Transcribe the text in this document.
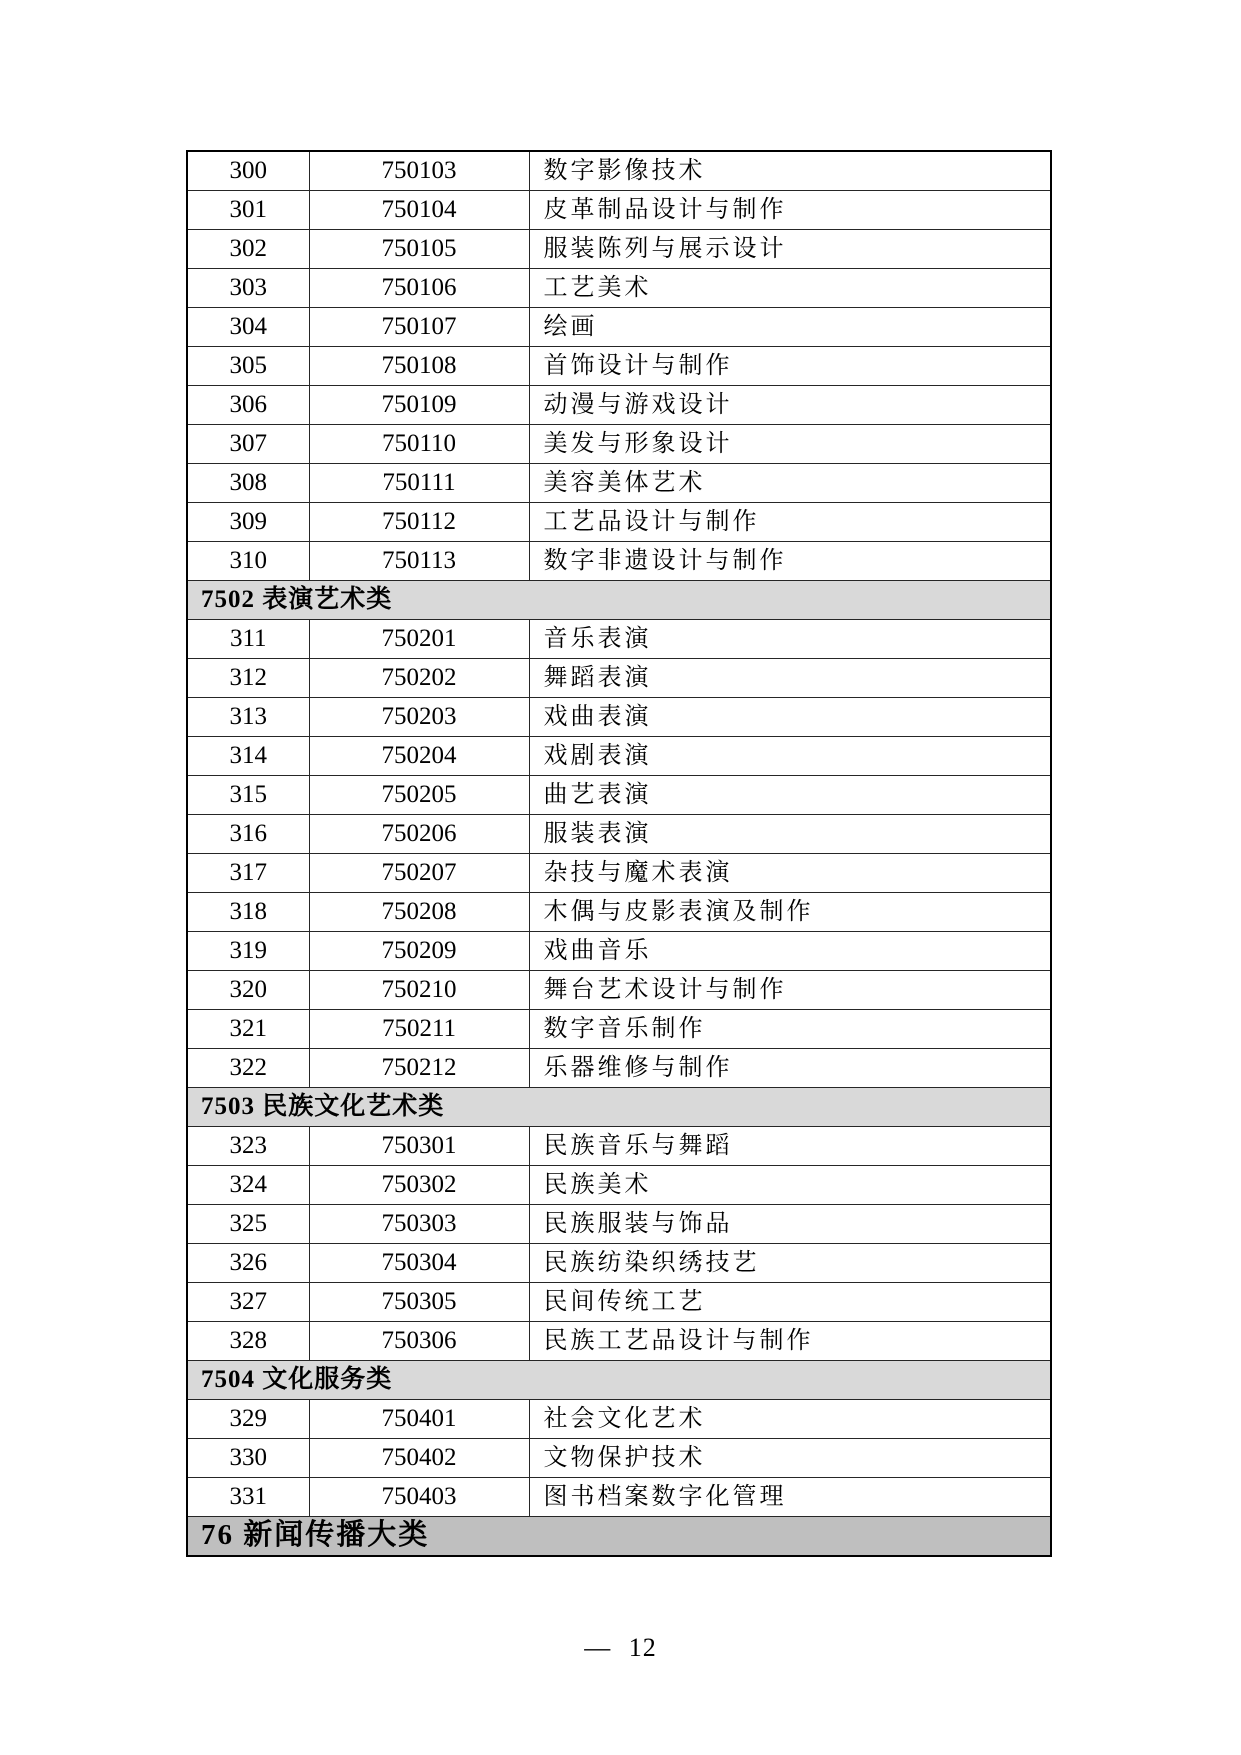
300	750103	数字影像技术
301	750104	皮革制品设计与制作
302	750105	服装陈列与展示设计
303	750106	工艺美术
304	750107	绘画
305	750108	首饰设计与制作
306	750109	动漫与游戏设计
307	750110	美发与形象设计
308	750111	美容美体艺术
309	750112	工艺品设计与制作
310	750113	数字非遗设计与制作
7502 表演艺术类		
311	750201	音乐表演
312	750202	舞蹈表演
313	750203	戏曲表演
314	750204	戏剧表演
315	750205	曲艺表演
316	750206	服装表演
317	750207	杂技与魔术表演
318	750208	木偶与皮影表演及制作
319	750209	戏曲音乐
320	750210	舞台艺术设计与制作
321	750211	数字音乐制作
322	750212	乐器维修与制作
7503 民族文化艺术类		
323	750301	民族音乐与舞蹈
324	750302	民族美术
325	750303	民族服装与饰品
326	750304	民族纺染织绣技艺
327	750305	民间传统工艺
328	750306	民族工艺品设计与制作
7504 文化服务类		
329	750401	社会文化艺术
330	750402	文物保护技术
331	750403	图书档案数字化管理
76 新闻传播大类		
— 12
